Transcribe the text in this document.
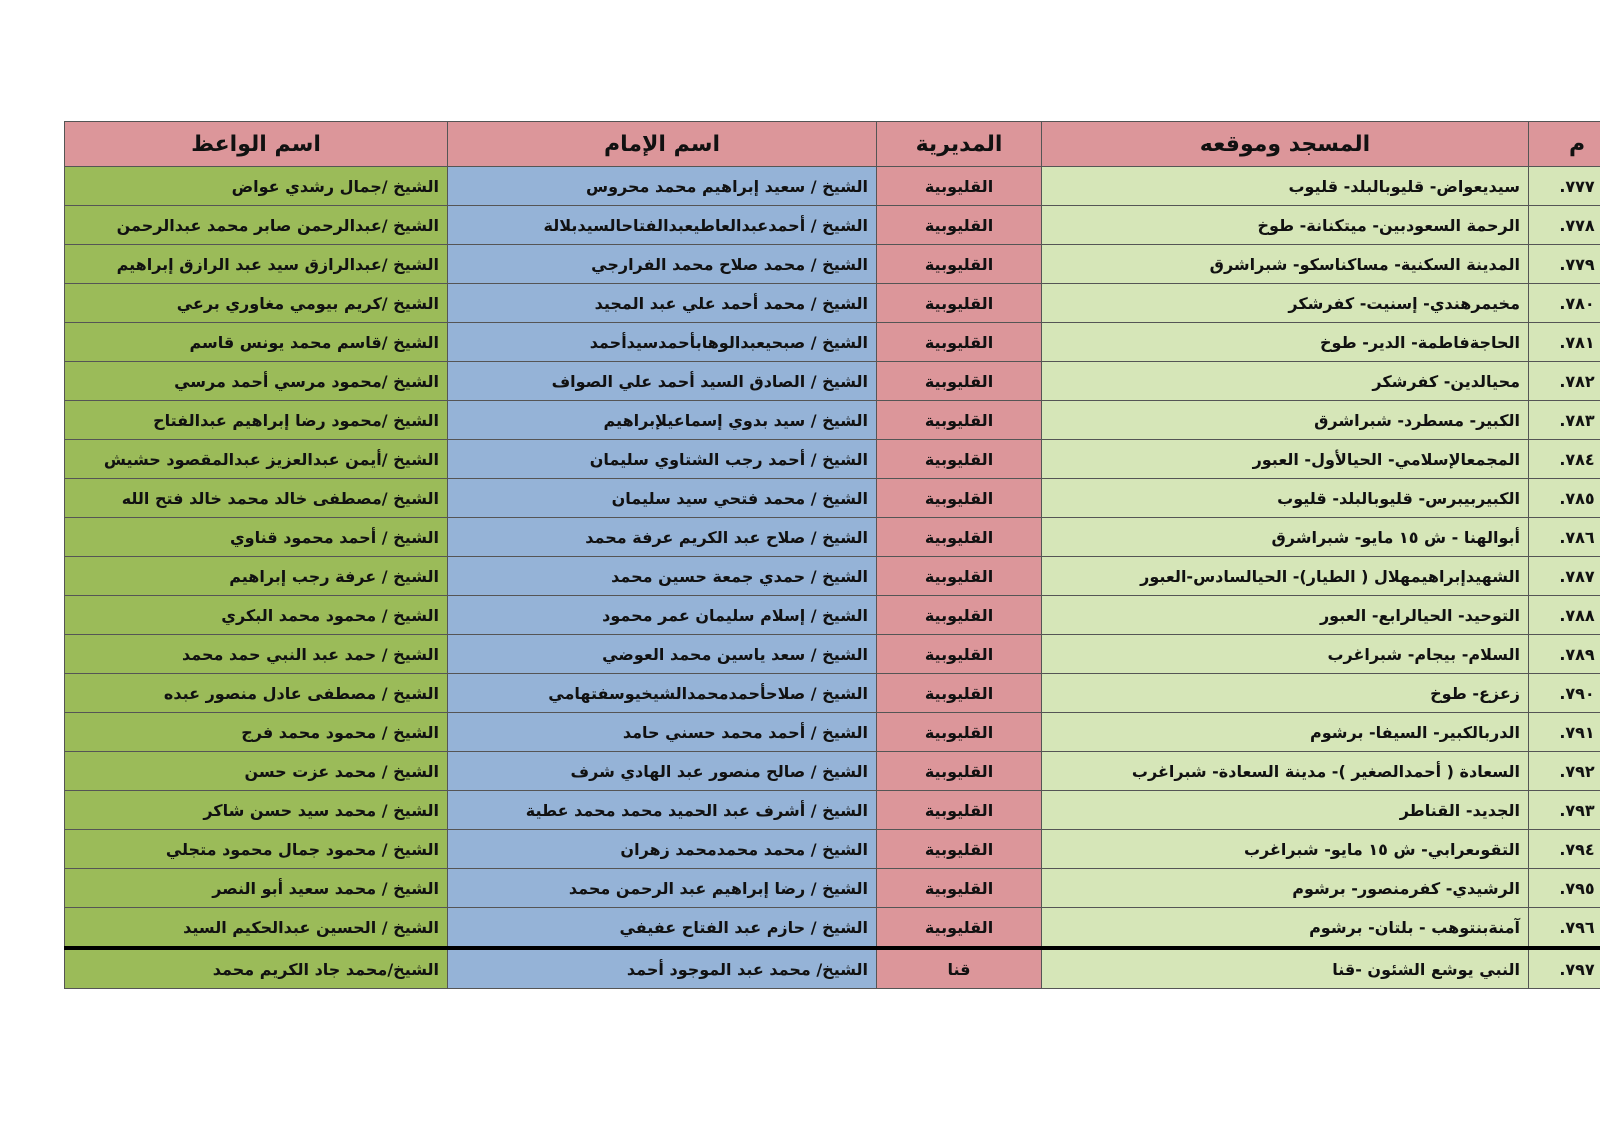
م	المسجد وموقعه	المديرية	اسم الإمام	اسم الواعظ
٧٧٧.	سيديعواض- قليوبالبلد- قليوب	القليوبية	الشيخ / سعيد إبراهيم محمد محروس	الشيخ /جمال رشدي عواض
٧٧٨.	الرحمة السعودبين- ميتكنانة- طوخ	القليوبية	الشيخ / أحمدعبدالعاطيعبدالفتاحالسيدبلالة	الشيخ /عبدالرحمن صابر محمد عبدالرحمن
٧٧٩.	المدينة السكنية- مساكناسكو- شبراشرق	القليوبية	الشيخ / محمد صلاح محمد الفرارجي	الشيخ /عبدالرازق سيد عبد الرازق إبراهيم
٧٨٠.	مخيمرهندي- إسنيت- كفرشكر	القليوبية	الشيخ / محمد أحمد علي عبد المجيد	الشيخ /كريم بيومي مغاوري برعي
٧٨١.	الحاجةفاطمة- الدير- طوخ	القليوبية	الشيخ / صبحيعبدالوهابأحمدسيدأحمد	الشيخ /قاسم محمد يونس قاسم
٧٨٢.	محيالدين- كفرشكر	القليوبية	الشيخ / الصادق السيد أحمد علي الصواف	الشيخ /محمود مرسي أحمد مرسي
٧٨٣.	الكبير- مسطرد- شبراشرق	القليوبية	الشيخ / سيد بدوي إسماعيلإبراهيم	الشيخ /محمود رضا إبراهيم عبدالفتاح
٧٨٤.	المجمعالإسلامي- الحيالأول- العبور	القليوبية	الشيخ / أحمد رجب الشتاوي سليمان	الشيخ /أيمن عبدالعزيز عبدالمقصود حشيش
٧٨٥.	الكبيربيبرس- قليوبالبلد- قليوب	القليوبية	الشيخ / محمد فتحي سيد سليمان	الشيخ /مصطفى خالد محمد خالد فتح الله
٧٨٦.	أبوالهنا - ش ١٥ مايو- شبراشرق	القليوبية	الشيخ / صلاح عبد الكريم عرفة محمد	الشيخ / أحمد محمود قناوي
٧٨٧.	الشهيدإبراهيمهلال ( الطيار)- الحيالسادس-العبور	القليوبية	الشيخ / حمدي جمعة حسين محمد	الشيخ / عرفة رجب إبراهيم
٧٨٨.	التوحيد- الحيالرابع- العبور	القليوبية	الشيخ / إسلام سليمان عمر محمود	الشيخ / محمود محمد البكري
٧٨٩.	السلام- بيجام- شبراغرب	القليوبية	الشيخ / سعد ياسين محمد العوضي	الشيخ / حمد عبد النبي حمد محمد
٧٩٠.	زعزع- طوخ	القليوبية	الشيخ / صلاحأحمدمحمدالشيخيوسفتهامي	الشيخ / مصطفى عادل منصور عبده
٧٩١.	الدربالكبير- السيفا- برشوم	القليوبية	الشيخ / أحمد محمد حسني حامد	الشيخ / محمود محمد فرج
٧٩٢.	السعادة ( أحمدالصغير )- مدينة السعادة- شبراغرب	القليوبية	الشيخ / صالح منصور عبد الهادي شرف	الشيخ / محمد عزت حسن
٧٩٣.	الجديد- القناطر	القليوبية	الشيخ / أشرف عبد الحميد محمد محمد عطية	الشيخ / محمد سيد حسن شاكر
٧٩٤.	التقوىعرابي- ش ١٥ مايو- شبراغرب	القليوبية	الشيخ / محمد محمدمحمد زهران	الشيخ / محمود جمال محمود متجلي
٧٩٥.	الرشيدي- كفرمنصور- برشوم	القليوبية	الشيخ / رضا إبراهيم عبد الرحمن محمد	الشيخ / محمد سعيد أبو النصر
٧٩٦.	آمنةبنتوهب - بلتان- برشوم	القليوبية	الشيخ / حازم عبد الفتاح عفيفي	الشيخ / الحسين عبدالحكيم السيد
٧٩٧.	النبي يوشع الشئون -قنا	قنا	الشيخ/ محمد عبد الموجود أحمد	الشيخ/محمد جاد الكريم محمد
